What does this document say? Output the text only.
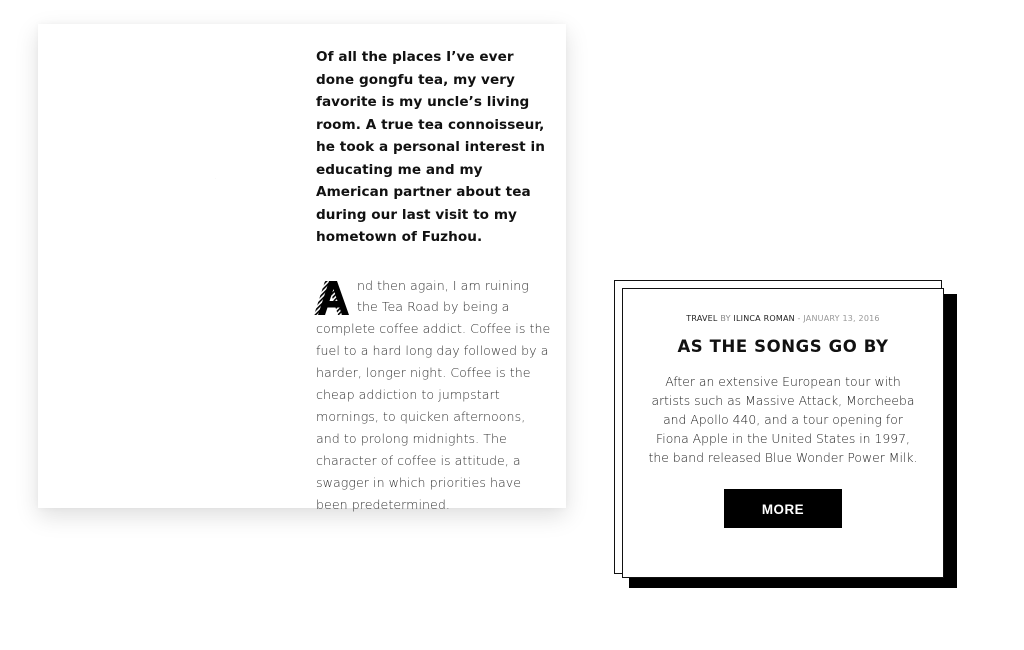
Of all the places I’ve ever done gongfu tea, my very favorite is my uncle’s living room. A true tea connoisseur, he took a personal interest in educating me and my American partner about tea during our last visit to my hometown of Fuzhou.

A
nd then again, I am ruining the Tea Road by being a complete coffee addict. Coffee is the fuel to a hard long day followed by a harder, longer night. Coffee is the cheap addiction to jumpstart mornings, to quicken afternoons, and to prolong midnights. The character of coffee is attitude, a swagger in which priorities have been predetermined.

TRAVEL BY ILINCA ROMAN - JANUARY 13, 2016
AS THE SONGS GO BY

After an extensive European tour with artists such as Massive Attack, Morcheeba and Apollo 440, and a tour opening for Fiona Apple in the United States in 1997, the band released Blue Wonder Power Milk.

MORE
